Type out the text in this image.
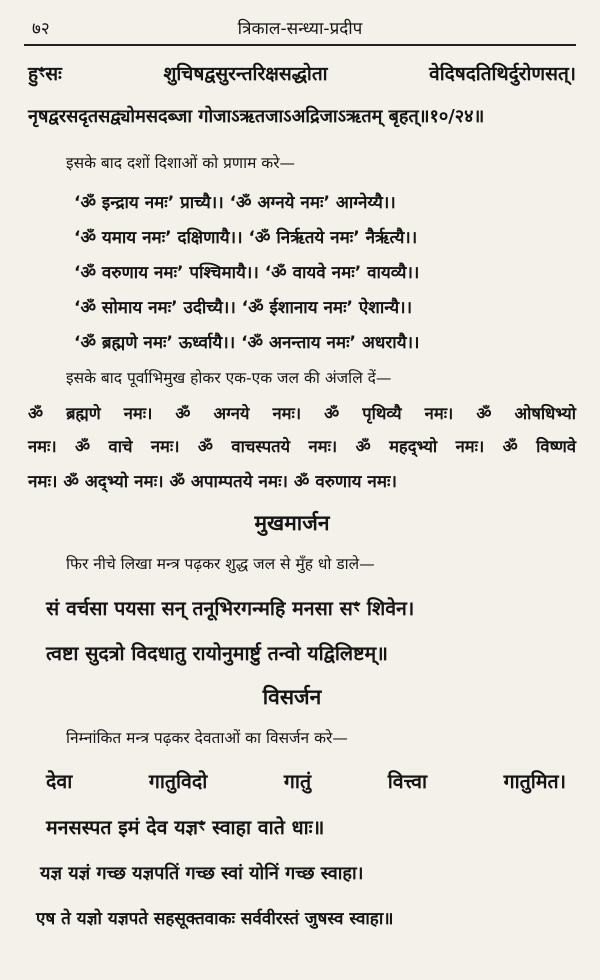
७२	त्रिकाल-सन्ध्या-प्रदीप
हुꣳसः शुचिषद्वसुरन्तरिक्षसद्धोता वेदिषदतिथिर्दुरोणसत्।
नृषद्वरसदृतसद्व्योमसदब्जा गोजाऽऋतजाऽअद्रिजाऽऋतम् बृहत्॥१०/२४॥
इसके बाद दशों दिशाओं को प्रणाम करे—
‘ॐ इन्द्राय नमः’ प्राच्यै।। ‘ॐ अग्नये नमः’ आग्नेय्यै।।
‘ॐ यमाय नमः’ दक्षिणायै।। ‘ॐ निर्ऋतये नमः’ नैर्ऋत्यै।।
‘ॐ वरुणाय नमः’ पश्चिमायै।। ‘ॐ वायवे नमः’ वायव्यै।।
‘ॐ सोमाय नमः’ उदीच्यै।। ‘ॐ ईशानाय नमः’ ऐशान्यै।।
‘ॐ ब्रह्मणे नमः’ ऊर्ध्वायै।। ‘ॐ अनन्ताय नमः’ अधरायै।।
इसके बाद पूर्वाभिमुख होकर एक-एक जल की अंजलि दें—
ॐ ब्रह्मणे नमः। ॐ अग्नये नमः। ॐ पृथिव्यै नमः। ॐ ओषधिभ्यो
नमः। ॐ वाचे नमः। ॐ वाचस्पतये नमः। ॐ महद्भ्यो नमः। ॐ विष्णवे
नमः। ॐ अद्भ्यो नमः। ॐ अपाम्पतये नमः। ॐ वरुणाय नमः।
मुखमार्जन
फिर नीचे लिखा मन्त्र पढ़कर शुद्ध जल से मुँह धो डाले—
सं वर्चसा पयसा सन् तनूभिरगन्महि मनसा सꣳ शिवेन।
त्वष्टा सुदत्रो विदधातु रायोनुमार्ष्टु तन्वो यद्विलिष्टम्॥
विसर्जन
निम्नांकित मन्त्र पढ़कर देवताओं का विसर्जन करे—
देवा गातुविदो गातुं वित्त्वा गातुमित।
मनसस्पत इमं देव यज्ञꣳ स्वाहा वाते धाः॥
यज्ञ यज्ञं गच्छ यज्ञपतिं गच्छ स्वां योनिं गच्छ स्वाहा।
एष ते यज्ञो यज्ञपते सहसूक्तवाकः सर्ववीरस्तं जुषस्व स्वाहा॥
